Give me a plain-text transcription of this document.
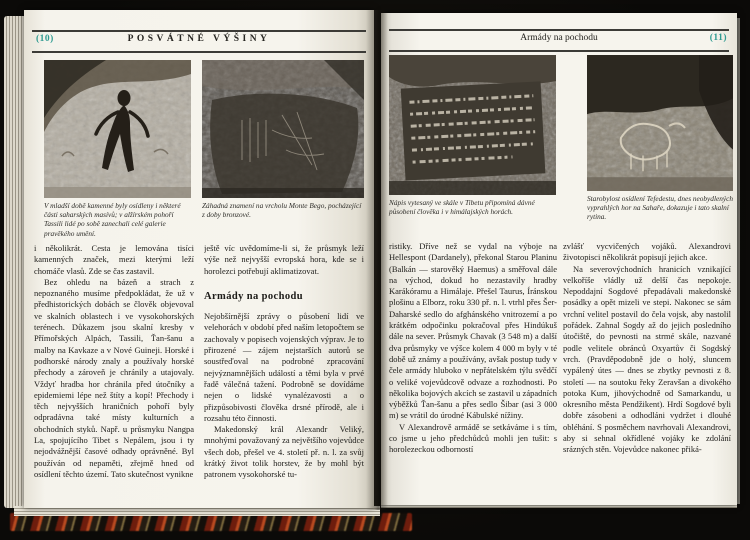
(10)	POSVÁTNÉ VÝŠINY
V mladší době kamenné byly osídleny i některé části saharských masívů; v alžírském pohoří Tassili lidé po sobě zanechali celé galerie pravěkého umění.
Záhadná znamení na vrcholu Monte Bego, pocházející z doby bronzové.

i několikrát. Cesta je lemována tisíci kamenných značek, mezi kterými leží chomáče vlasů. Zde se čas zastavil.

Bez ohledu na bázeň a strach z nepoznaného musíme předpokládat, že už v předhistorických dobách se člověk objevoval ve skalních oblastech i ve vysokohorských terénech. Důkazem jsou skalní kresby v Přímořských Alpách, Tassili, Ťan-šanu a malby na Kavkaze a v Nové Guineji. Horské i podhorské národy znaly a používaly horské přechody a zároveň je chránily a utajovaly. Vždyť hradba hor chránila před útočníky a epidemiemi lépe než štíty a kopí! Přechody i těch nejvyšších hraničních pohoří byly odpradávna také místy kulturních a obchodních styků. Např. u průsmyku Nangpa La, spojujícího Tibet s Nepálem, jsou i ty nejodvážnější časové odhady oprávněné. Byl používán od nepaměti, zřejmě hned od osídlení těchto území. Tato skutečnost vynikne

ještě víc uvědomíme-li si, že průsmyk leží výše než nejvyšší evropská hora, kde se i horolezci potřebují aklimatizovat.

Armády na pochodu

Nejobšírnější zprávy o působení lidí ve velehorách v období před naším letopočtem se zachovaly v popisech vojenských výprav. Je to přirozené — zájem nejstarších autorů se soustřeďoval na podrobné zpracování nejvýznamnějších událostí a těmi byla v prvé řadě válečná tažení. Podrobně se dovídáme nejen o lidské vynalézavosti a o přizpůsobivosti člověka drsné přírodě, ale i rozsahu této činnosti.

Makedonský král Alexandr Veliký, mnohými považovaný za největšího vojevůdce všech dob, přešel ve 4. století př. n. l. za svůj krátký život tolik horstev, že by mohl být patronem vysokohorské tu-

Armády na pochodu	(11)
Nápis vytesaný ve skále v Tibetu připomíná dávné působení člověka i v himálajských horách.
Starobylost osídlení Tefedestu, dnes neobydlených vyprahlých hor na Sahaře, dokazuje i tato skalní rytina.

ristiky. Dříve než se vydal na výboje na Hellespont (Dardanely), překonal Starou Planinu (Balkán — starověký Haemus) a směřoval dále na východ, dokud ho nezastavily hradby Karákóramu a Himálaje. Přešel Taurus, Íránskou plošinu a Elborz, roku 330 př. n. l. vtrhl přes Šer-Daharské sedlo do afghánského vnitrozemí a po krátkém odpočinku pokračoval přes Hindúkuš dále na sever. Průsmyk Chavak (3 548 m) a další dva průsmyky ve výšce kolem 4 000 m byly v té době už známy a používány, avšak postup tudy v čele armády hluboko v nepřátelském týlu svědčí o veliké vojevůdcově odvaze a rozhodnosti. Po několika bojových akcích se zastavil u západních výběžků Ťan-šanu a přes sedlo Šibar (asi 3 000 m) se vrátil do úrodné Kábulské nížiny.

V Alexandrově armádě se setkáváme i s tím, co jsme u jeho předchůdců mohli jen tušit: s horolezeckou odborností

zvlášť vycvičených vojáků. Alexandrovi životopisci několikrát popisují jejich akce.

Na severovýchodních hranicích vznikající velkoříše vládly už delší čas nepokoje. Nepoddajní Sogdové přepadávali makedonské posádky a opět mizeli ve stepi. Nakonec se sám vrchní velitel postavil do čela vojsk, aby nastolil pořádek. Zahnal Sogdy až do jejich posledního útočiště, do pevnosti na strmé skále, nazvané podle velitele obránců Oxyartův či Sogdský vrch. (Pravděpodobně jde o holý, sluncem vypálený útes — dnes se zbytky pevnosti z 8. století — na soutoku řeky Zeravšan a divokého potoka Kum, jihovýchodně od Samarkandu, u okresního města Pendžikent). Hrdí Sogdové byli dobře zásobeni a odhodláni vydržet i dlouhé obléhání. S posměchem navrhovali Alexandrovi, aby si sehnal okřídlené vojáky ke zdolání srázných stěn. Vojevůdce nakonec přiká-
